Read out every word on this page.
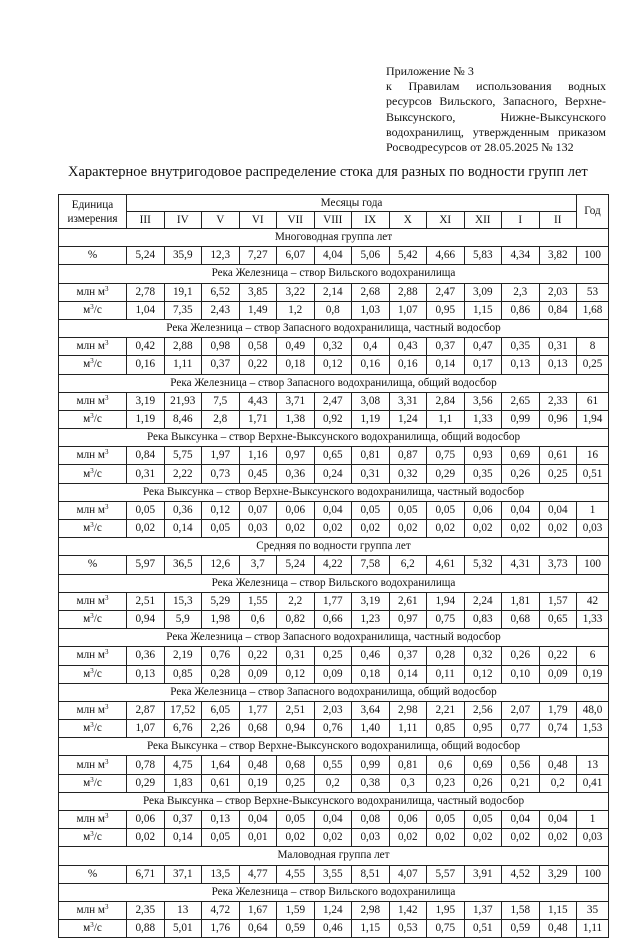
Приложение № 3
к Правилам использования водных ресурсов Вильского, Запасного, Верхне-Выксунского, Нижне-Выксунского водохранилищ, утвержденным приказом Росводресурсов от 28.05.2025 № 132
Характерное внутригодовое распределение стока для разных по водности групп лет
Единица измерения	Месяцы года												Год
	III	IV	V	VI	VII	VIII	IX	X	XI	XII	I	II	
Многоводная группа лет													
%	5,24	35,9	12,3	7,27	6,07	4,04	5,06	5,42	4,66	5,83	4,34	3,82	100
Река Железница – створ Вильского водохранилища													
млн $м^3$	2,78	19,1	6,52	3,85	3,22	2,14	2,68	2,88	2,47	3,09	2,3	2,03	53
$м^3/с$	1,04	7,35	2,43	1,49	1,2	0,8	1,03	1,07	0,95	1,15	0,86	0,84	1,68
Река Железница – створ Запасного водохранилища, частный водосбор													
млн $м^3$	0,42	2,88	0,98	0,58	0,49	0,32	0,4	0,43	0,37	0,47	0,35	0,31	8
$м^3/с$	0,16	1,11	0,37	0,22	0,18	0,12	0,16	0,16	0,14	0,17	0,13	0,13	0,25
Река Железница – створ Запасного водохранилища, общий водосбор													
млн $м^3$	3,19	21,93	7,5	4,43	3,71	2,47	3,08	3,31	2,84	3,56	2,65	2,33	61
$м^3/с$	1,19	8,46	2,8	1,71	1,38	0,92	1,19	1,24	1,1	1,33	0,99	0,96	1,94
Река Выксунка – створ Верхне-Выксунского водохранилища, общий водосбор													
млн $м^3$	0,84	5,75	1,97	1,16	0,97	0,65	0,81	0,87	0,75	0,93	0,69	0,61	16
$м^3/с$	0,31	2,22	0,73	0,45	0,36	0,24	0,31	0,32	0,29	0,35	0,26	0,25	0,51
Река Выксунка – створ Верхне-Выксунского водохранилища, частный водосбор													
млн $м^3$	0,05	0,36	0,12	0,07	0,06	0,04	0,05	0,05	0,05	0,06	0,04	0,04	1
$м^3/с$	0,02	0,14	0,05	0,03	0,02	0,02	0,02	0,02	0,02	0,02	0,02	0,02	0,03
Средняя по водности группа лет													
%	5,97	36,5	12,6	3,7	5,24	4,22	7,58	6,2	4,61	5,32	4,31	3,73	100
Река Железница – створ Вильского водохранилища													
млн $м^3$	2,51	15,3	5,29	1,55	2,2	1,77	3,19	2,61	1,94	2,24	1,81	1,57	42
$м^3/с$	0,94	5,9	1,98	0,6	0,82	0,66	1,23	0,97	0,75	0,83	0,68	0,65	1,33
Река Железница – створ Запасного водохранилища, частный водосбор													
млн $м^3$	0,36	2,19	0,76	0,22	0,31	0,25	0,46	0,37	0,28	0,32	0,26	0,22	6
$м^3/с$	0,13	0,85	0,28	0,09	0,12	0,09	0,18	0,14	0,11	0,12	0,10	0,09	0,19
Река Железница – створ Запасного водохранилища, общий водосбор													
млн $м^3$	2,87	17,52	6,05	1,77	2,51	2,03	3,64	2,98	2,21	2,56	2,07	1,79	48,0
$м^3/с$	1,07	6,76	2,26	0,68	0,94	0,76	1,40	1,11	0,85	0,95	0,77	0,74	1,53
Река Выксунка – створ Верхне-Выксунского водохранилища, общий водосбор													
млн $м^3$	0,78	4,75	1,64	0,48	0,68	0,55	0,99	0,81	0,6	0,69	0,56	0,48	13
$м^3/с$	0,29	1,83	0,61	0,19	0,25	0,2	0,38	0,3	0,23	0,26	0,21	0,2	0,41
Река Выксунка – створ Верхне-Выксунского водохранилища, частный водосбор													
млн $м^3$	0,06	0,37	0,13	0,04	0,05	0,04	0,08	0,06	0,05	0,05	0,04	0,04	1
$м^3/с$	0,02	0,14	0,05	0,01	0,02	0,02	0,03	0,02	0,02	0,02	0,02	0,02	0,03
Маловодная группа лет													
%	6,71	37,1	13,5	4,77	4,55	3,55	8,51	4,07	5,57	3,91	4,52	3,29	100
Река Железница – створ Вильского водохранилища													
млн $м^3$	2,35	13	4,72	1,67	1,59	1,24	2,98	1,42	1,95	1,37	1,58	1,15	35
$м^3/с$	0,88	5,01	1,76	0,64	0,59	0,46	1,15	0,53	0,75	0,51	0,59	0,48	1,11
